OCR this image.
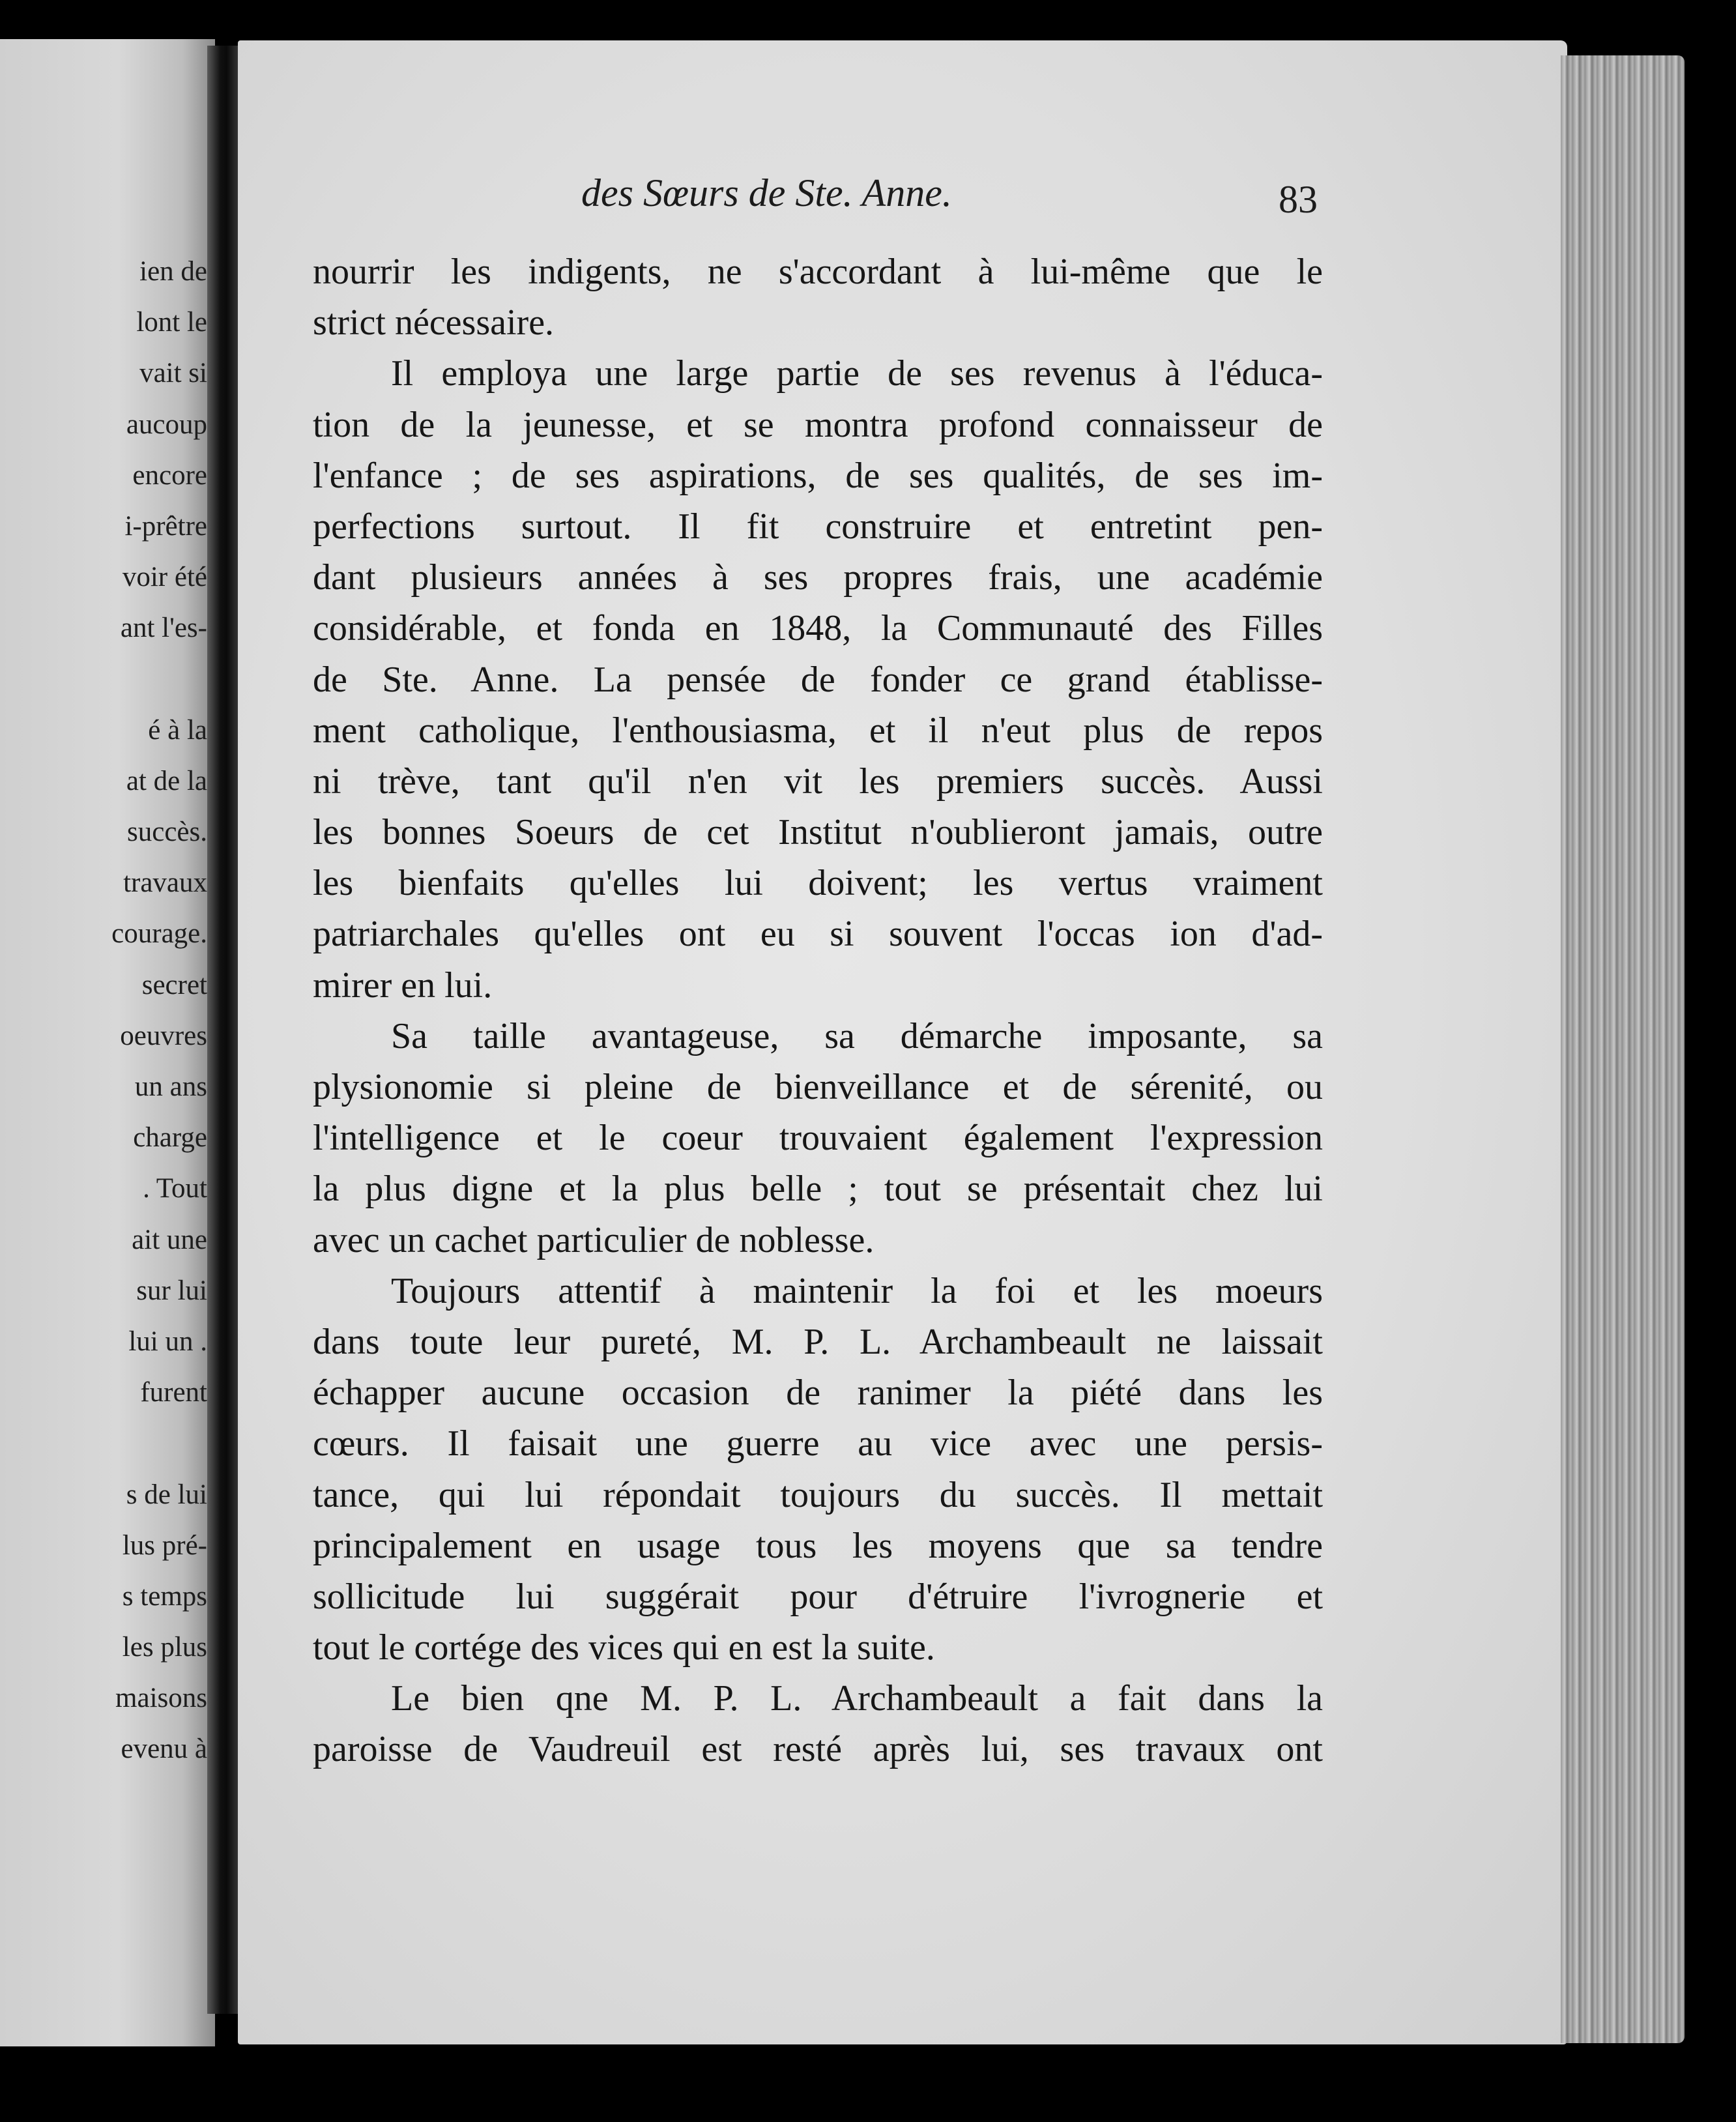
ien de
lont le
vait si
aucoup
encore
i-prêtre
voir été
ant l'es-
é à la
at de la
succès.
travaux
courage.
secret
oeuvres
un ans
charge
. Tout
ait une
sur lui
lui un .
furent
s de lui
lus pré-
s temps
les plus
maisons
evenu à
des Sœurs de Ste. Anne.	83
nourrir les indigents, ne s'accordant à lui-même que le
strict nécessaire.
Il employa une large partie de ses revenus à l'éduca-
tion de la jeunesse, et se montra profond connaisseur de
l'enfance ; de ses aspirations, de ses qualités, de ses im-
perfections surtout. Il fit construire et entretint pen-
dant plusieurs années à ses propres frais, une académie
considérable, et fonda en 1848, la Communauté des Filles
de Ste. Anne. La pensée de fonder ce grand établisse-
ment catholique, l'enthousiasma, et il n'eut plus de repos
ni trève, tant qu'il n'en vit les premiers succès. Aussi
les bonnes Soeurs de cet Institut n'oublieront jamais, outre
les bienfaits qu'elles lui doivent; les vertus vraiment
patriarchales qu'elles ont eu si souvent l'occas ion d'ad-
mirer en lui.
Sa taille avantageuse, sa démarche imposante, sa
plysionomie si pleine de bienveillance et de sérenité, ou
l'intelligence et le coeur trouvaient également l'expression
la plus digne et la plus belle ; tout se présentait chez lui
avec un cachet particulier de noblesse.
Toujours attentif à maintenir la foi et les moeurs
dans toute leur pureté, M. P. L. Archambeault ne laissait
échapper aucune occasion de ranimer la piété dans les
cœurs. Il faisait une guerre au vice avec une persis-
tance, qui lui répondait toujours du succès. Il mettait
principalement en usage tous les moyens que sa tendre
sollicitude lui suggérait pour d'étruire l'ivrognerie et
tout le cortége des vices qui en est la suite.
Le bien qne M. P. L. Archambeault a fait dans la
paroisse de Vaudreuil est resté après lui, ses travaux ont
